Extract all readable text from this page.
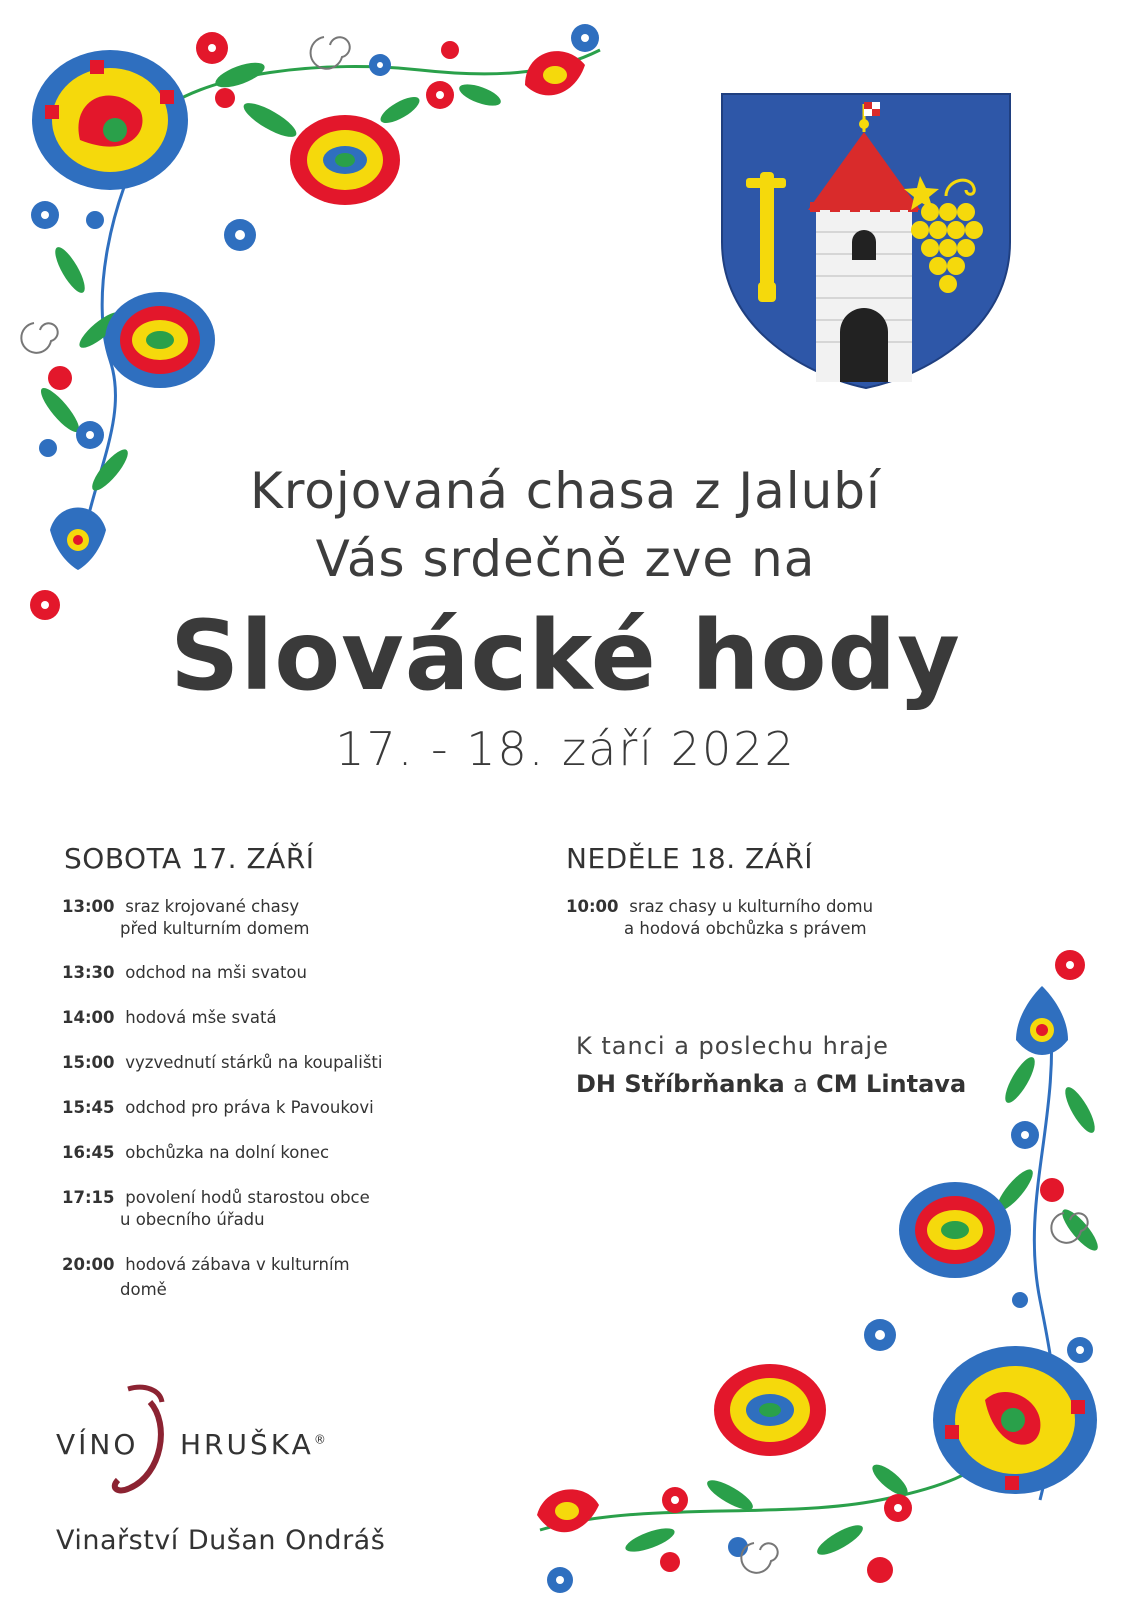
Krojovaná chasa z Jalubí
Vás srdečně zve na
Slovácké hody
17. - 18. září 2022
SOBOTA 17. ZÁŘÍ
13:00 sraz krojované chasy
před kulturním domem
13:30 odchod na mši svatou
14:00 hodová mše svatá
15:00 vyzvednutí stárků na koupališti
15:45 odchod pro práva k Pavoukovi
16:45 obchůzka na dolní konec
17:15 povolení hodů starostou obce
u obecního úřadu
20:00 hodová zábava v kulturním
domě
NEDĚLE 18. ZÁŘÍ
10:00 sraz chasy u kulturního domu
a hodová obchůzka s právem
K tanci a poslechu hraje
DH Stříbrňanka a CM Lintava
VÍNO HRUŠKA®
Vinařství Dušan Ondráš
